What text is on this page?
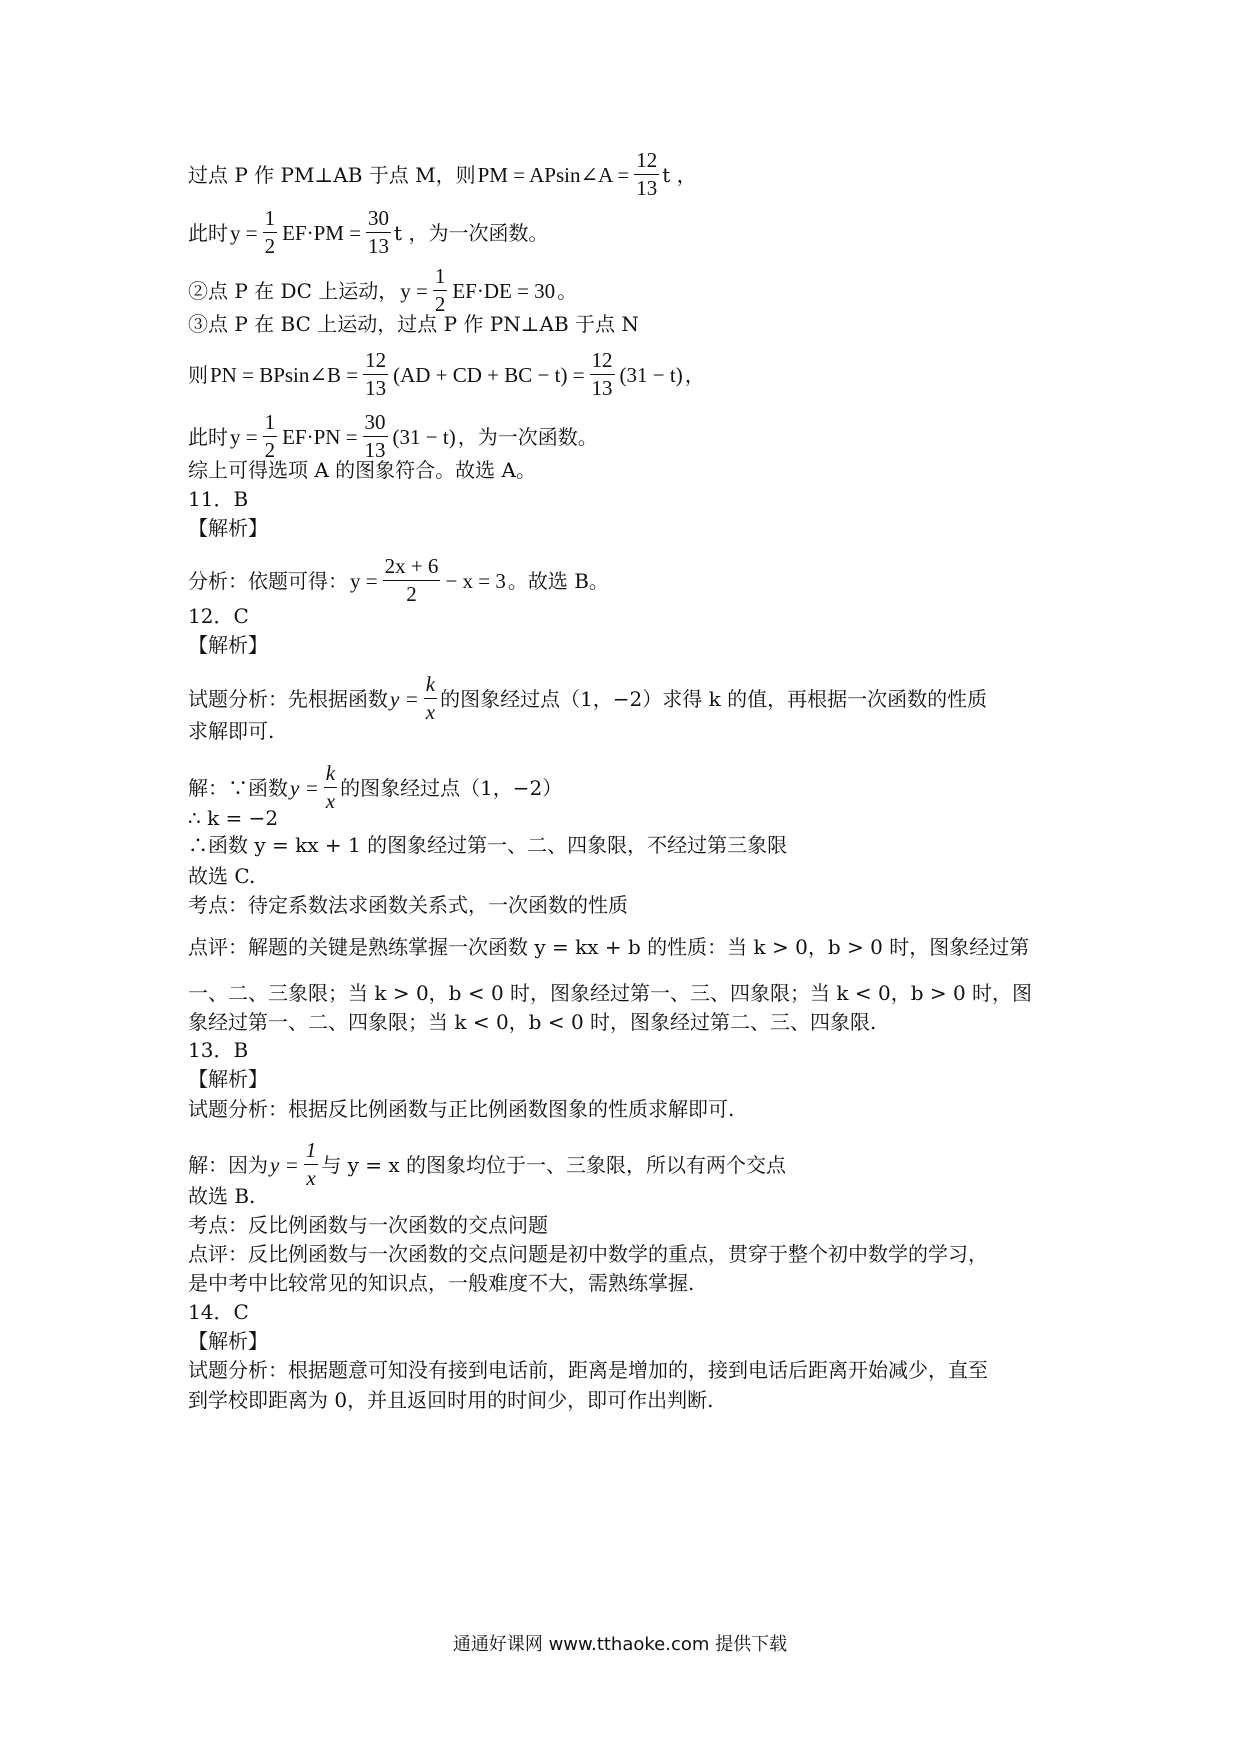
过点 P 作 PM⊥AB 于点 M，则 PM = APsin∠A = $\frac{12}{13}$ t ，
此时 $y = \frac{1}{2} EF\cdot PM = \frac{30}{13}$ t ，为一次函数。
②点 P 在 DC 上运动， $y = \frac{1}{2} EF\cdot DE = 30$ 。
③点 P 在 BC 上运动，过点 P 作 PN⊥AB 于点 N
则 PN = BPsin∠B = $\frac{12}{13} (AD$ + CD + BC − $t) = \frac{12}{13} (31 - t)$ ，
此时 $y = \frac{1}{2} EF\cdot PN = \frac{30}{13} (31 - t)$ ，为一次函数。
综上可得选项 A 的图象符合。故选 A。
11．B
【解析】
分析：依题可得： $y = \frac{2x + 6}{2} - x = 3$ 。故选 B。
12．C
【解析】
试题分析：先根据函数 $y = \frac{k}{x}$ 的图象经过点（1，−2）求得 k 的值，再根据一次函数的性质
求解即可.
解：∵函数 $y = \frac{k}{x}$ 的图象经过点（1，−2）
∴ k = −2
∴函数 y = kx + 1 的图象经过第一、二、四象限，不经过第三象限
故选 C.
考点：待定系数法求函数关系式，一次函数的性质
点评：解题的关键是熟练掌握一次函数 y = kx + b 的性质：当 k > 0，b > 0 时，图象经过第
一、二、三象限；当 k > 0，b < 0 时，图象经过第一、三、四象限；当 k < 0，b > 0 时，图
象经过第一、二、四象限；当 k < 0，b < 0 时，图象经过第二、三、四象限.
13．B
【解析】
试题分析：根据反比例函数与正比例函数图象的性质求解即可.
解：因为 $y = \frac{1}{x}$ 与 y = x 的图象均位于一、三象限，所以有两个交点
故选 B.
考点：反比例函数与一次函数的交点问题
点评：反比例函数与一次函数的交点问题是初中数学的重点，贯穿于整个初中数学的学习，
是中考中比较常见的知识点，一般难度不大，需熟练掌握.
14．C
【解析】
试题分析：根据题意可知没有接到电话前，距离是增加的，接到电话后距离开始减少，直至
到学校即距离为 0，并且返回时用的时间少，即可作出判断.
通通好课网 www.tthaoke.com 提供下载
